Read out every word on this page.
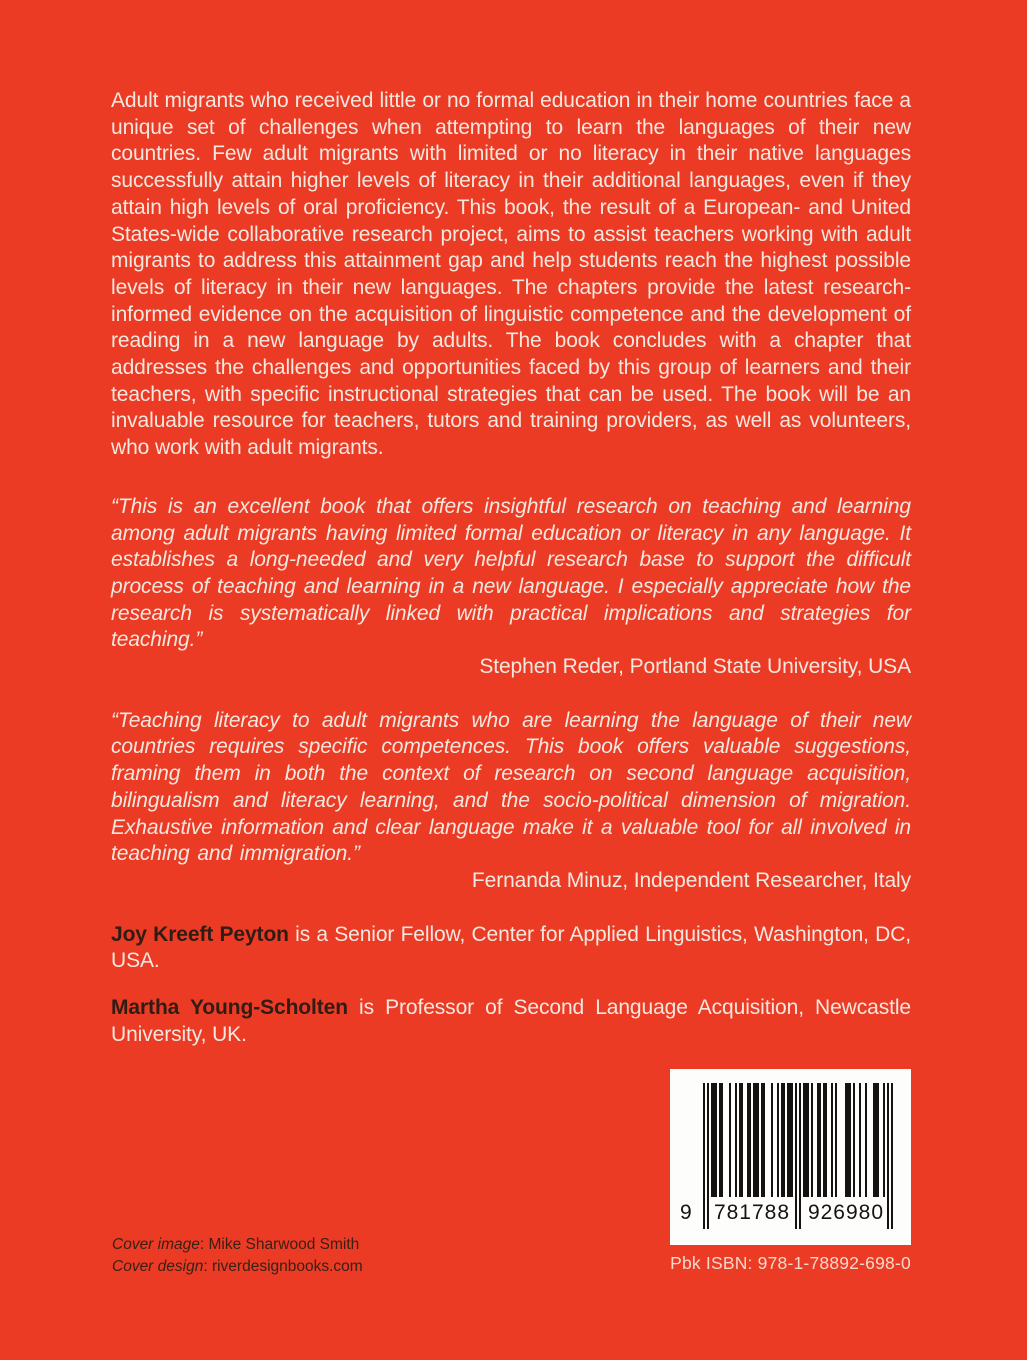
Adult migrants who received little or no formal education in their home countries face a unique set of challenges when attempting to learn the languages of their new countries. Few adult migrants with limited or no literacy in their native languages successfully attain higher levels of literacy in their additional languages, even if they attain high levels of oral proficiency. This book, the result of a European- and United States-wide collaborative research project, aims to assist teachers working with adult migrants to address this attainment gap and help students reach the highest possible levels of literacy in their new languages. The chapters provide the latest research-informed evidence on the acquisition of linguistic competence and the development of reading in a new language by adults. The book concludes with a chapter that addresses the challenges and opportunities faced by this group of learners and their teachers, with specific instructional strategies that can be used. The book will be an invaluable resource for teachers, tutors and training providers, as well as volunteers, who work with adult migrants.

“This is an excellent book that offers insightful research on teaching and learning among adult migrants having limited formal education or literacy in any language. It establishes a long-needed and very helpful research base to support the difficult process of teaching and learning in a new language. I especially appreciate how the research is systematically linked with practical implications and strategies for teaching.”

Stephen Reder, Portland State University, USA

“Teaching literacy to adult migrants who are learning the language of their new countries requires specific competences. This book offers valuable suggestions, framing them in both the context of research on second language acquisition, bilingualism and literacy learning, and the socio-political dimension of migration. Exhaustive information and clear language make it a valuable tool for all involved in teaching and immigration.”

Fernanda Minuz, Independent Researcher, Italy

Joy Kreeft Peyton is a Senior Fellow, Center for Applied Linguistics, Washington, DC, USA.

Martha Young-Scholten is Professor of Second Language Acquisition, Newcastle University, UK.

9 781788 926980
Pbk ISBN: 978-1-78892-698-0
Cover image: Mike Sharwood Smith
Cover design: riverdesignbooks.com
